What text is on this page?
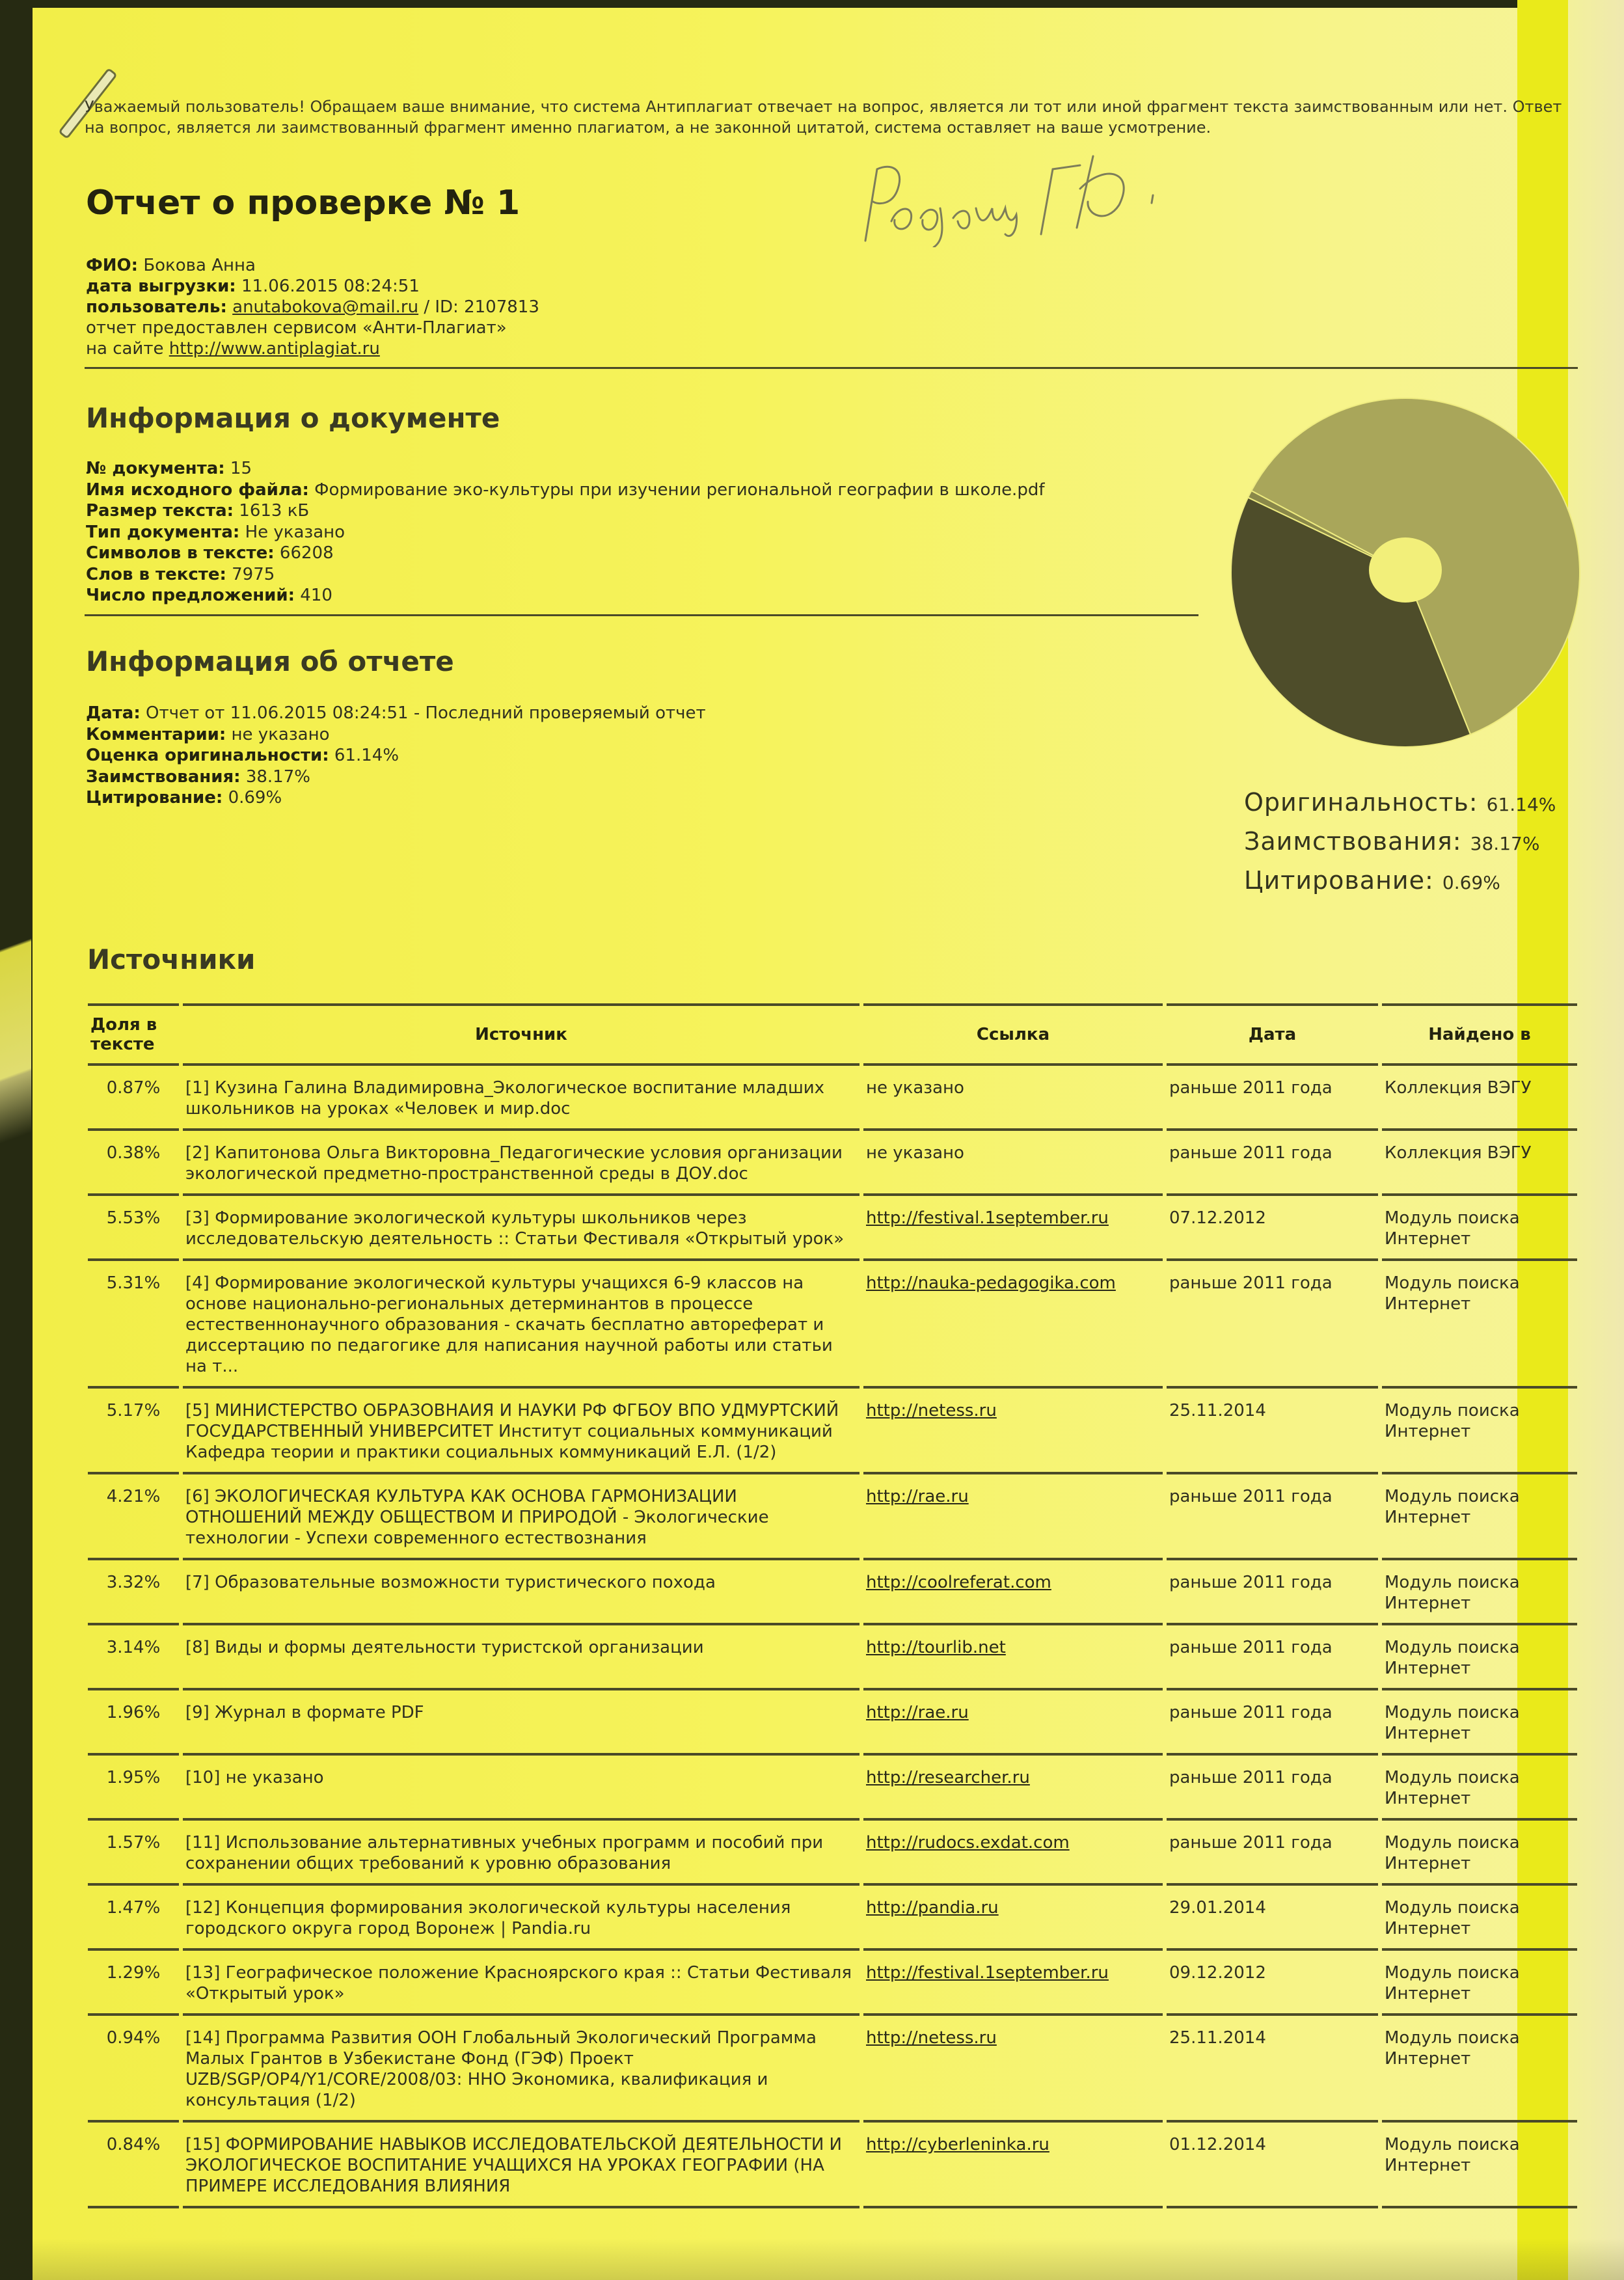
Уважаемый пользователь! Обращаем ваше внимание, что система Антиплагиат отвечает на вопрос, является ли тот или иной фрагмент текста заимствованным или нет. Ответ на вопрос, является ли заимствованный фрагмент именно плагиатом, а не законной цитатой, система оставляет на ваше усмотрение.
Отчет о проверке № 1
ФИО: Бокова Анна
дата выгрузки: 11.06.2015 08:24:51
пользователь: anutabokova@mail.ru / ID: 2107813
отчет предоставлен сервисом «Анти-Плагиат»
на сайте http://www.antiplagiat.ru
Информация о документе
№ документа: 15
Имя исходного файла: Формирование эко-культуры при изучении региональной географии в школе.pdf
Размер текста: 1613 кБ
Тип документа: Не указано
Символов в тексте: 66208
Слов в тексте: 7975
Число предложений: 410
Информация об отчете
Дата: Отчет от 11.06.2015 08:24:51 - Последний проверяемый отчет
Комментарии: не указано
Оценка оригинальности: 61.14%
Заимствования: 38.17%
Цитирование: 0.69%	Оригинальность: 61.14%
Заимствования: 38.17%
Цитирование: 0.69%
Источники
Доля в тексте	Источник	Ссылка	Дата	Найдено в
0.87%	[1] Кузина Галина Владимировна_Экологическое воспитание младших школьников на уроках «Человек и мир.doc	не указано	раньше 2011 года	Коллекция ВЭГУ
0.38%	[2] Капитонова Ольга Викторовна_Педагогические условия организации экологической предметно-пространственной среды в ДОУ.doc	не указано	раньше 2011 года	Коллекция ВЭГУ
5.53%	[3] Формирование экологической культуры школьников через исследовательскую деятельность :: Статьи Фестиваля «Открытый урок»	http://festival.1september.ru	07.12.2012	Модуль поиска Интернет
5.31%	[4] Формирование экологической культуры учащихся 6-9 классов на основе национально-региональных детерминантов в процессе естественнонаучного образования - скачать бесплатно автореферат и диссертацию по педагогике для написания научной работы или статьи на т...	http://nauka-pedagogika.com	раньше 2011 года	Модуль поиска Интернет
5.17%	[5] МИНИСТЕРСТВО ОБРАЗОВНАИЯ И НАУКИ РФ ФГБОУ ВПО УДМУРТСКИЙ ГОСУДАРСТВЕННЫЙ УНИВЕРСИТЕТ Институт социальных коммуникаций Кафедра теории и практики социальных коммуникаций Е.Л. (1/2)	http://netess.ru	25.11.2014	Модуль поиска Интернет
4.21%	[6] ЭКОЛОГИЧЕСКАЯ КУЛЬТУРА КАК ОСНОВА ГАРМОНИЗАЦИИ ОТНОШЕНИЙ МЕЖДУ ОБЩЕСТВОМ И ПРИРОДОЙ - Экологические технологии - Успехи современного естествознания	http://rae.ru	раньше 2011 года	Модуль поиска Интернет
3.32%	[7] Образовательные возможности туристического похода	http://coolreferat.com	раньше 2011 года	Модуль поиска Интернет
3.14%	[8] Виды и формы деятельности туристской организации	http://tourlib.net	раньше 2011 года	Модуль поиска Интернет
1.96%	[9] Журнал в формате PDF	http://rae.ru	раньше 2011 года	Модуль поиска Интернет
1.95%	[10] не указано	http://researcher.ru	раньше 2011 года	Модуль поиска Интернет
1.57%	[11] Использование альтернативных учебных программ и пособий при сохранении общих требований к уровню образования	http://rudocs.exdat.com	раньше 2011 года	Модуль поиска Интернет
1.47%	[12] Концепция формирования экологической культуры населения городского округа город Воронеж | Pandia.ru	http://pandia.ru	29.01.2014	Модуль поиска Интернет
1.29%	[13] Географическое положение Красноярского края :: Статьи Фестиваля «Открытый урок»	http://festival.1september.ru	09.12.2012	Модуль поиска Интернет
0.94%	[14] Программа Развития ООН Глобальный Экологический Программа Малых Грантов в Узбекистане Фонд (ГЭФ) Проект UZB/SGP/OP4/Y1/CORE/2008/03: ННО Экономика, квалификация и консультация (1/2)	http://netess.ru	25.11.2014	Модуль поиска Интернет
0.84%	[15] ФОРМИРОВАНИЕ НАВЫКОВ ИССЛЕДОВАТЕЛЬСКОЙ ДЕЯТЕЛЬНОСТИ И ЭКОЛОГИЧЕСКОЕ ВОСПИТАНИЕ УЧАЩИХСЯ НА УРОКАХ ГЕОГРАФИИ (НА ПРИМЕРЕ ИССЛЕДОВАНИЯ ВЛИЯНИЯ	http://cyberleninka.ru	01.12.2014	Модуль поиска Интернет
